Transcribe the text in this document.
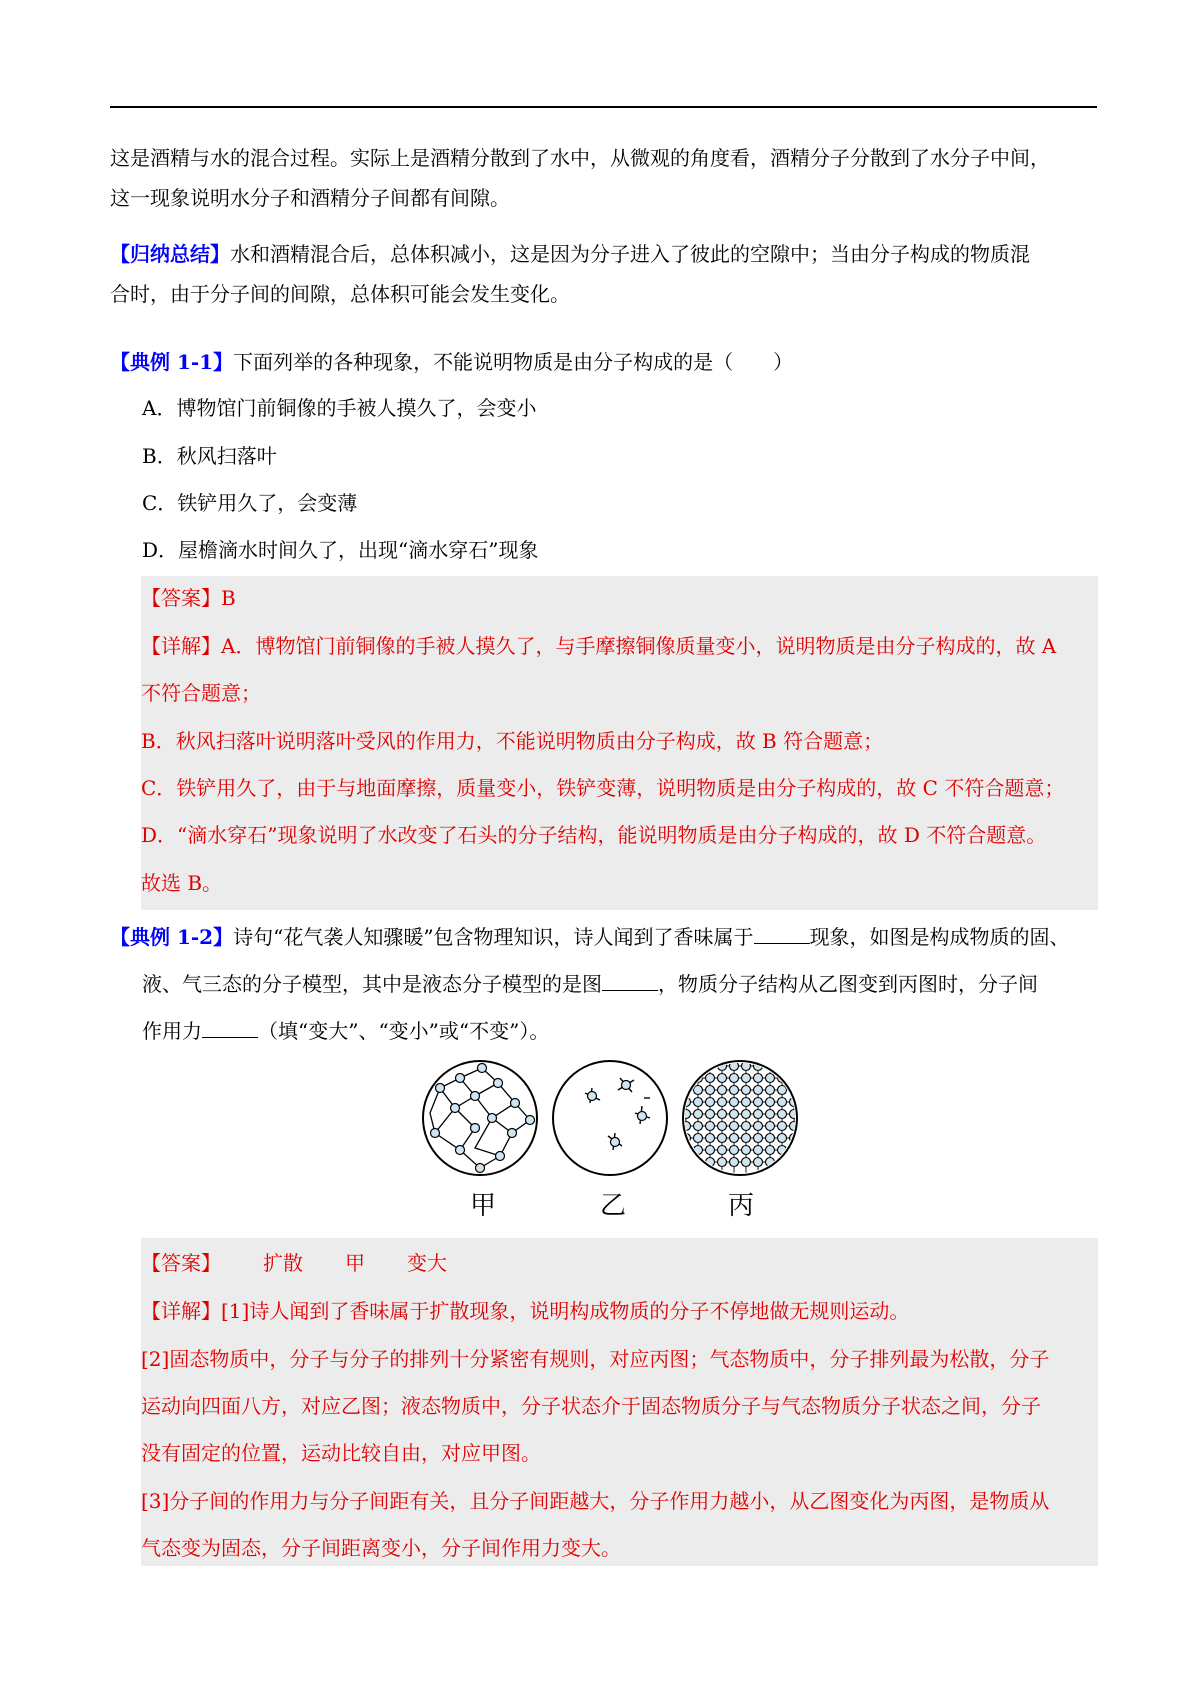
这是酒精与水的混合过程。实际上是酒精分散到了水中，从微观的角度看，酒精分子分散到了水分子中间，
这一现象说明水分子和酒精分子间都有间隙。
【归纳总结】水和酒精混合后，总体积减小，这是因为分子进入了彼此的空隙中；当由分子构成的物质混
合时，由于分子间的间隙，总体积可能会发生变化。
【典例 1-1】下面列举的各种现象，不能说明物质是由分子构成的是（　　）
A．博物馆门前铜像的手被人摸久了，会变小
B．秋风扫落叶
C．铁铲用久了，会变薄
D．屋檐滴水时间久了，出现“滴水穿石”现象
【答案】B
【详解】A．博物馆门前铜像的手被人摸久了，与手摩擦铜像质量变小，说明物质是由分子构成的，故 A
不符合题意；
B．秋风扫落叶说明落叶受风的作用力，不能说明物质由分子构成，故 B 符合题意；
C．铁铲用久了，由于与地面摩擦，质量变小，铁铲变薄，说明物质是由分子构成的，故 C 不符合题意；
D．“滴水穿石”现象说明了水改变了石头的分子结构，能说明物质是由分子构成的，故 D 不符合题意。
故选 B。
【典例 1-2】诗句“花气袭人知骤暖”包含物理知识，诗人闻到了香味属于	现象，如图是构成物质的固、
液、气三态的分子模型，其中是液态分子模型的是图	，物质分子结构从乙图变到丙图时，分子间
作用力	（填“变大”、“变小”或“不变”）。
甲	乙	丙
【答案】 扩散 甲 变大
【详解】[1]诗人闻到了香味属于扩散现象，说明构成物质的分子不停地做无规则运动。
[2]固态物质中，分子与分子的排列十分紧密有规则，对应丙图；气态物质中，分子排列最为松散，分子
运动向四面八方，对应乙图；液态物质中，分子状态介于固态物质分子与气态物质分子状态之间，分子
没有固定的位置，运动比较自由，对应甲图。
[3]分子间的作用力与分子间距有关，且分子间距越大，分子作用力越小，从乙图变化为丙图，是物质从
气态变为固态，分子间距离变小，分子间作用力变大。
